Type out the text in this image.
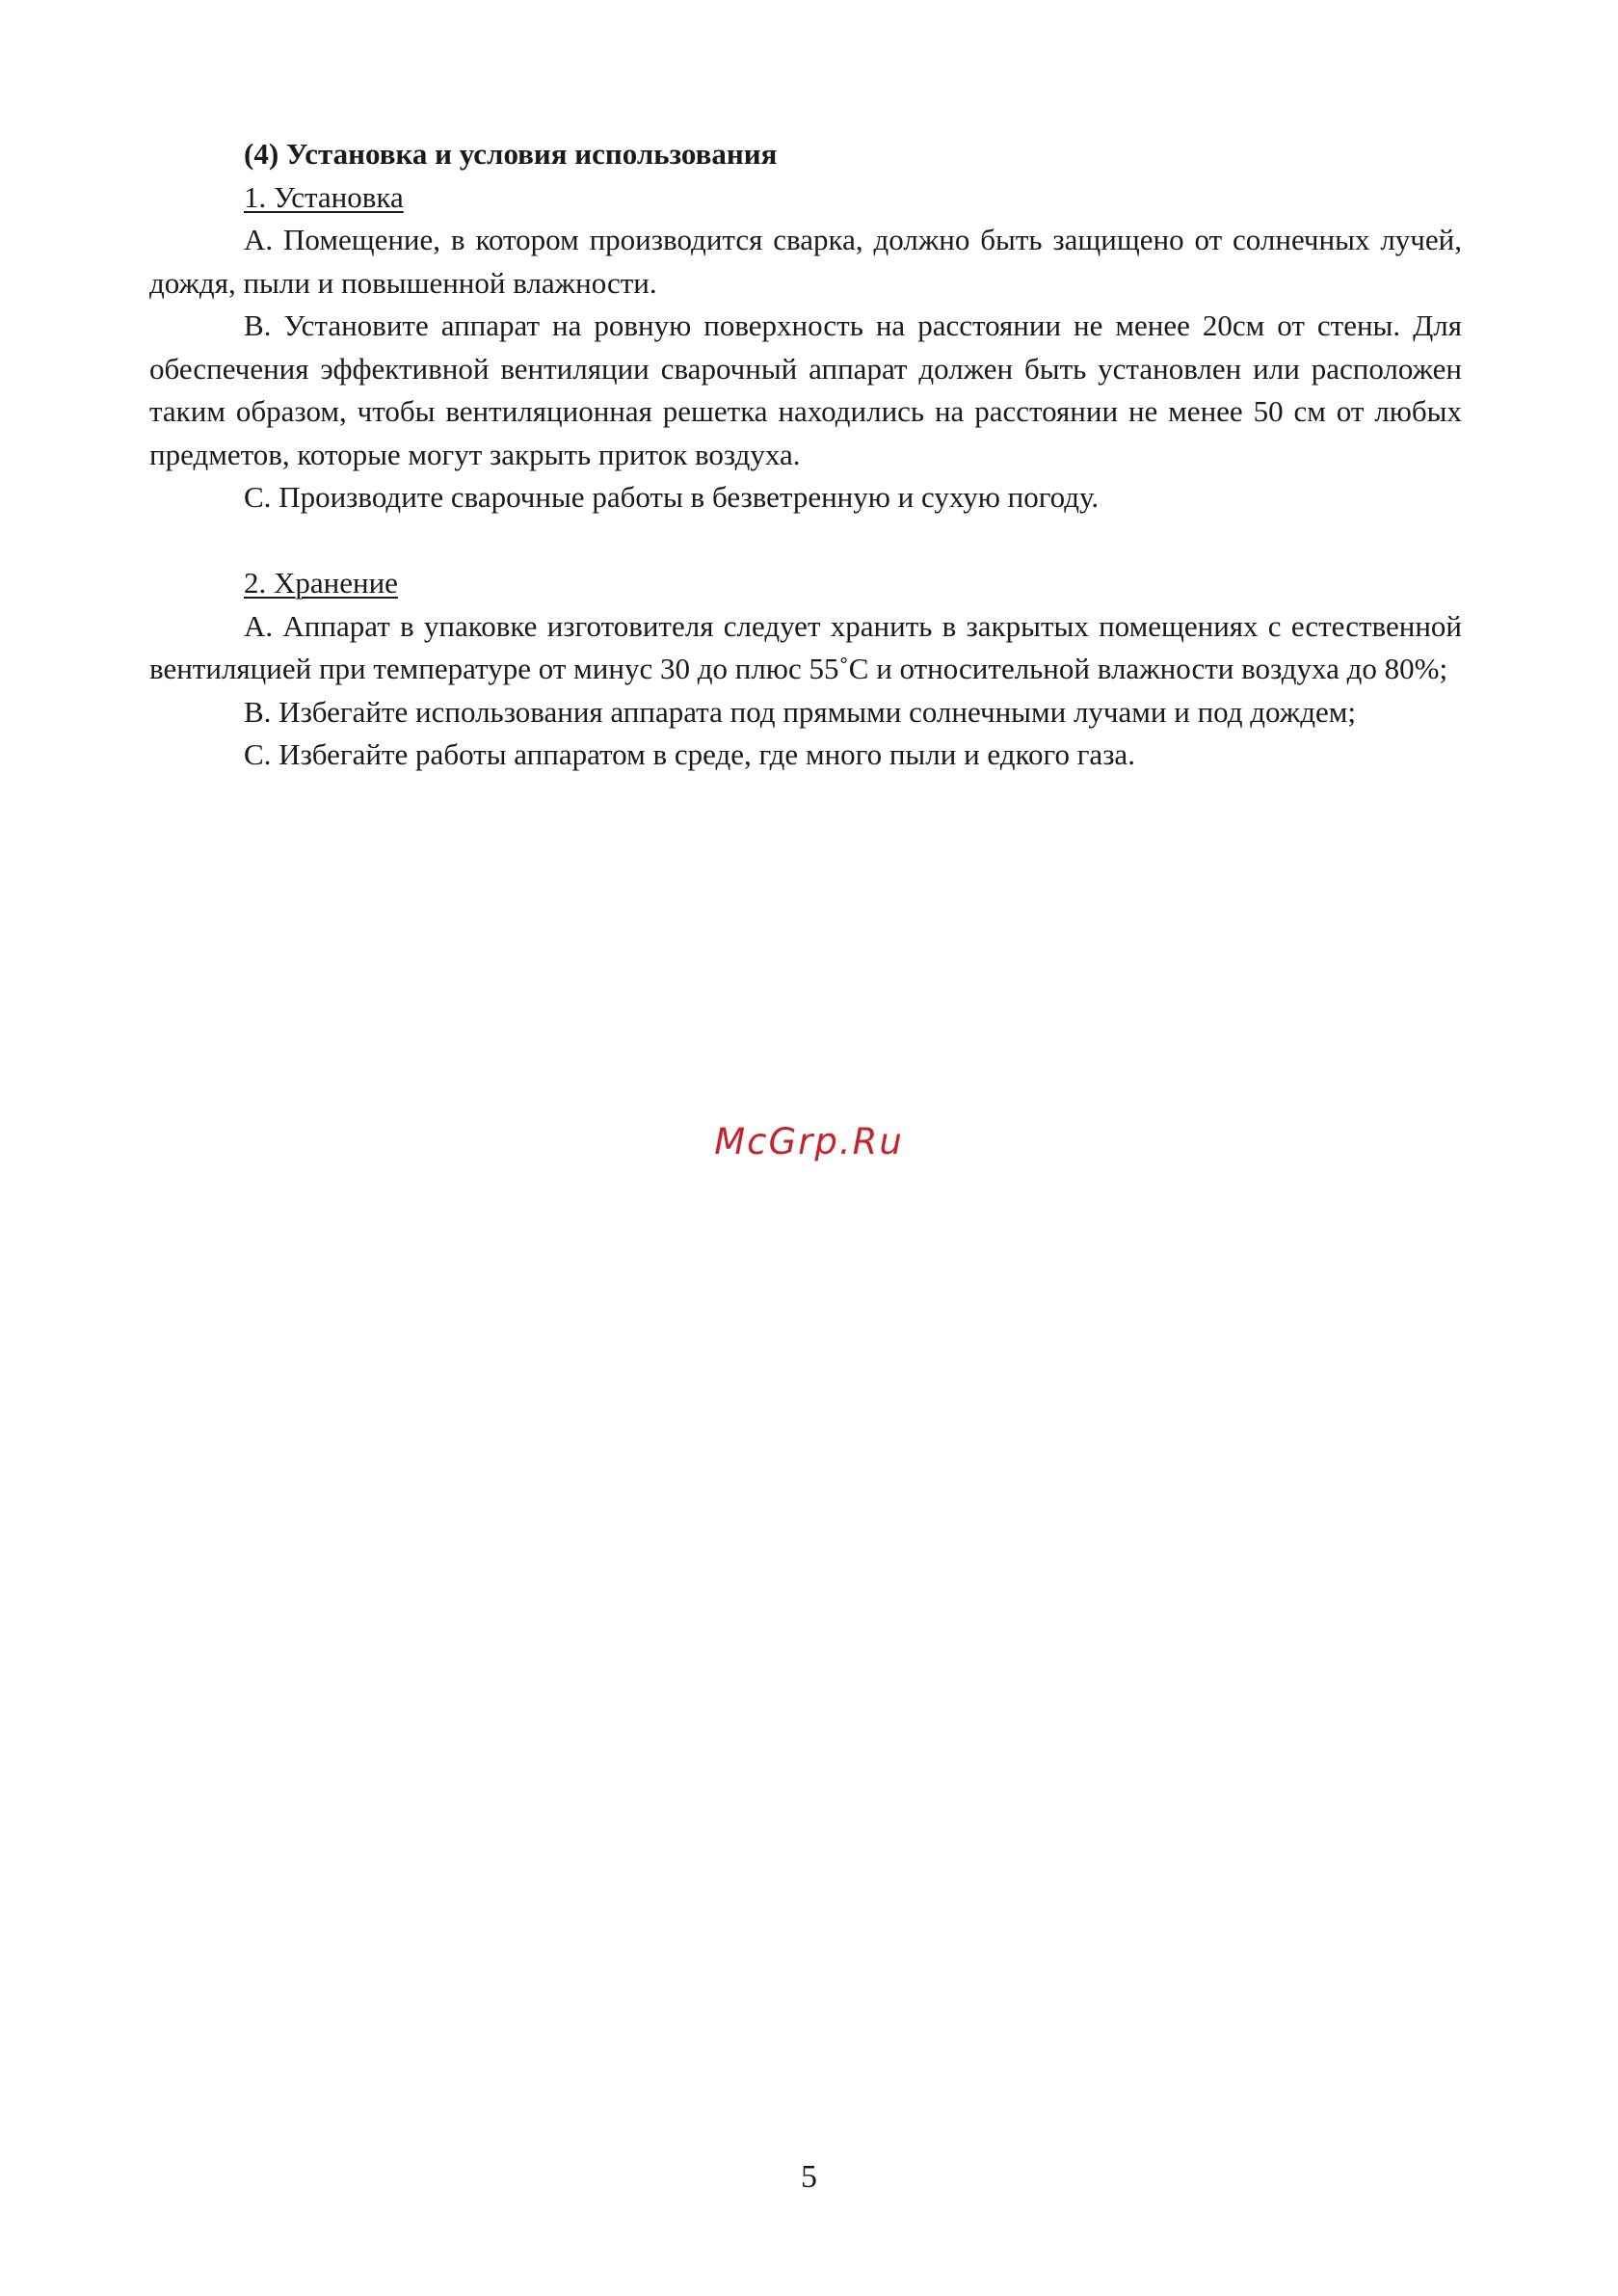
(4) Установка и условия использования

1. Установка

A. Помещение, в котором производится сварка, должно быть защищено от солнечных лучей, дождя, пыли и повышенной влажности.

B. Установите аппарат на ровную поверхность на расстоянии не менее 20см от стены. Для обеспечения эффективной вентиляции сварочный аппарат должен быть установлен или расположен таким образом, чтобы вентиляционная решетка находились на расстоянии не менее 50 см от любых предметов, которые могут закрыть приток воздуха.

C. Производите сварочные работы в безветренную и сухую погоду.

2. Хранение

A. Аппарат в упаковке изготовителя следует хранить в закрытых помещениях с естественной вентиляцией при температуре от минус 30 до плюс 55˚C и относительной влажности воздуха до 80%;

B. Избегайте использования аппарата под прямыми солнечными лучами и под дождем;

C. Избегайте работы аппаратом в среде, где много пыли и едкого газа.

McGrp.Ru
5
